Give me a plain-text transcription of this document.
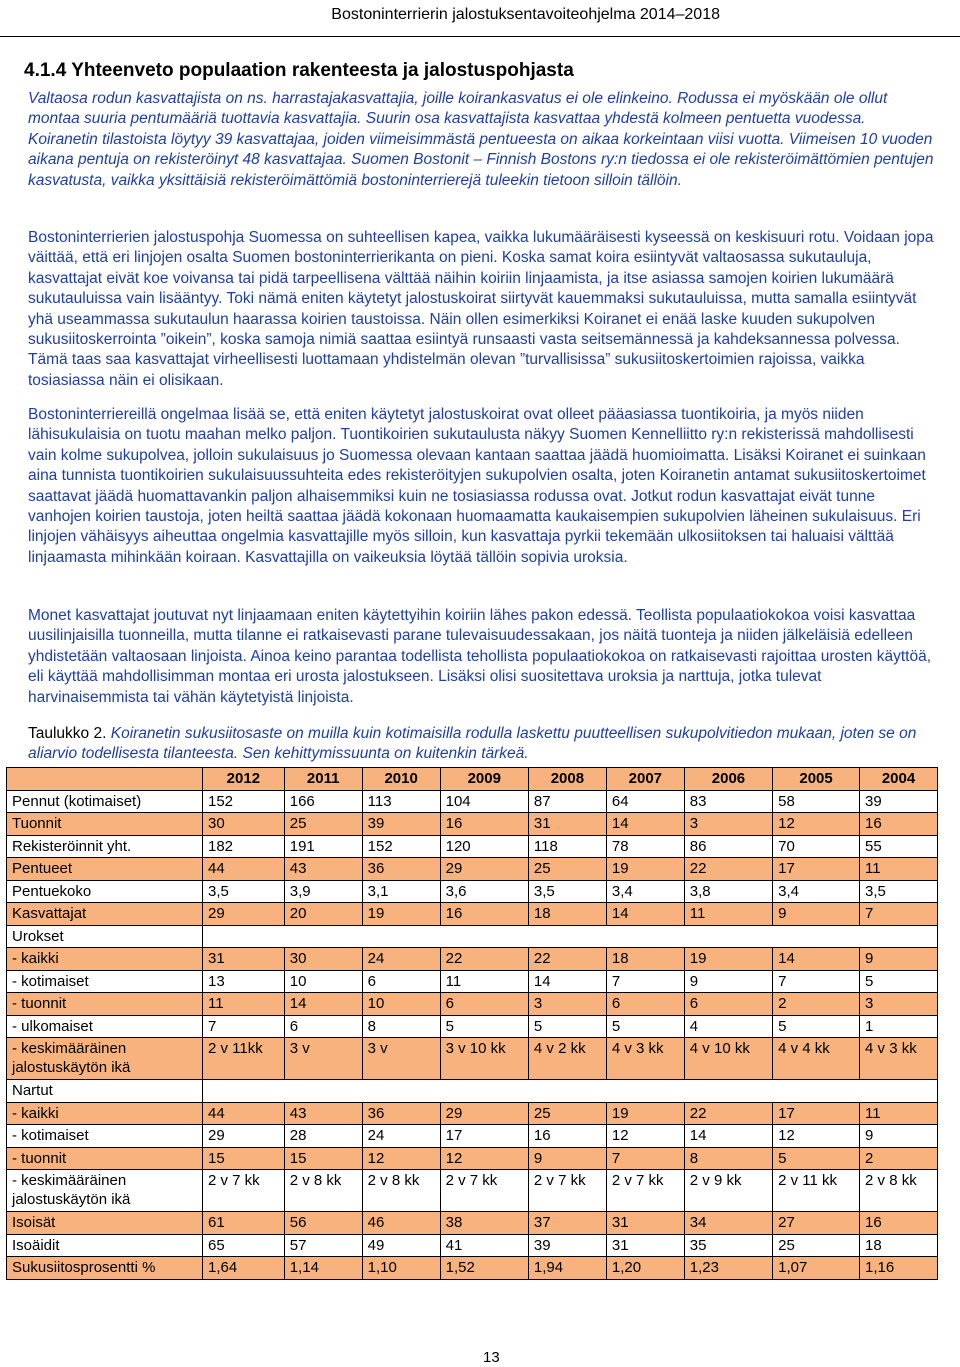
Bostoninterrierin jalostuksentavoiteohjelma 2014–2018
4.1.4 Yhteenveto populaation rakenteesta ja jalostuspohjasta
Valtaosa rodun kasvattajista on ns. harrastajakasvattajia, joille koirankasvatus ei ole elinkeino. Rodussa ei myöskään ole ollut montaa suuria pentumääriä tuottavia kasvattajia. Suurin osa kasvattajista kasvattaa yhdestä kolmeen pentuetta vuodessa. Koiranetin tilastoista löytyy 39 kasvattajaa, joiden viimeisimmästä pentueesta on aikaa korkeintaan viisi vuotta. Viimeisen 10 vuoden aikana pentuja on rekisteröinyt 48 kasvattajaa. Suomen Bostonit – Finnish Bostons ry:n tiedossa ei ole rekisteröimättömien pentujen kasvatusta, vaikka yksittäisiä rekisteröimättömiä bostoninterrierejä tuleekin tietoon silloin tällöin.
Bostoninterrierien jalostuspohja Suomessa on suhteellisen kapea, vaikka lukumääräisesti kyseessä on keskisuuri rotu. Voidaan jopa väittää, että eri linjojen osalta Suomen bostoninterrierikanta on pieni. Koska samat koira esiintyvät valtaosassa sukutauluja, kasvattajat eivät koe voivansa tai pidä tarpeellisena välttää näihin koiriin linjaamista, ja itse asiassa samojen koirien lukumäärä sukutauluissa vain lisääntyy. Toki nämä eniten käytetyt jalostuskoirat siirtyvät kauemmaksi sukutauluissa, mutta samalla esiintyvät yhä useammassa sukutaulun haarassa koirien taustoissa. Näin ollen esimerkiksi Koiranet ei enää laske kuuden sukupolven sukusiitoskerrointa ”oikein”, koska samoja nimiä saattaa esiintyä runsaasti vasta seitsemännessä ja kahdeksannessa polvessa. Tämä taas saa kasvattajat virheellisesti luottamaan yhdistelmän olevan ”turvallisissa” sukusiitoskertoimien rajoissa, vaikka tosiasiassa näin ei olisikaan.
Bostoninterriereillä ongelmaa lisää se, että eniten käytetyt jalostuskoirat ovat olleet pääasiassa tuontikoiria, ja myös niiden lähisukulaisia on tuotu maahan melko paljon. Tuontikoirien sukutaulusta näkyy Suomen Kennelliitto ry:n rekisterissä mahdollisesti vain kolme sukupolvea, jolloin sukulaisuus jo Suomessa olevaan kantaan saattaa jäädä huomioimatta. Lisäksi Koiranet ei suinkaan aina tunnista tuontikoirien sukulaisuussuhteita edes rekisteröityjen sukupolvien osalta, joten Koiranetin antamat sukusiitoskertoimet saattavat jäädä huomattavankin paljon alhaisemmiksi kuin ne tosiasiassa rodussa ovat. Jotkut rodun kasvattajat eivät tunne vanhojen koirien taustoja, joten heiltä saattaa jäädä kokonaan huomaamatta kaukaisempien sukupolvien läheinen sukulaisuus. Eri linjojen vähäisyys aiheuttaa ongelmia kasvattajille myös silloin, kun kasvattaja pyrkii tekemään ulkosiitoksen tai haluaisi välttää linjaamasta mihinkään koiraan. Kasvattajilla on vaikeuksia löytää tällöin sopivia uroksia.
Monet kasvattajat joutuvat nyt linjaamaan eniten käytettyihin koiriin lähes pakon edessä. Teollista populaatiokokoa voisi kasvattaa uusilinjaisilla tuonneilla, mutta tilanne ei ratkaisevasti parane tulevaisuudessakaan, jos näitä tuonteja ja niiden jälkeläisiä edelleen yhdistetään valtaosaan linjoista. Ainoa keino parantaa todellista tehollista populaatiokokoa on ratkaisevasti rajoittaa urosten käyttöä, eli käyttää mahdollisimman montaa eri urosta jalostukseen. Lisäksi olisi suositettava uroksia ja narttuja, jotka tulevat harvinaisemmista tai vähän käytetyistä linjoista.
Taulukko 2. Koiranetin sukusiitosaste on muilla kuin kotimaisilla rodulla laskettu puutteellisen sukupolvitiedon mukaan, joten se on aliarvio todellisesta tilanteesta. Sen kehittymissuunta on kuitenkin tärkeä.
	2012	2011	2010	2009	2008	2007	2006	2005	2004
Pennut (kotimaiset)	152	166	113	104	87	64	83	58	39
Tuonnit	30	25	39	16	31	14	3	12	16
Rekisteröinnit yht.	182	191	152	120	118	78	86	70	55
Pentueet	44	43	36	29	25	19	22	17	11
Pentuekoko	3,5	3,9	3,1	3,6	3,5	3,4	3,8	3,4	3,5
Kasvattajat	29	20	19	16	18	14	11	9	7
Urokset									
- kaikki	31	30	24	22	22	18	19	14	9
- kotimaiset	13	10	6	11	14	7	9	7	5
- tuonnit	11	14	10	6	3	6	6	2	3
- ulkomaiset	7	6	8	5	5	5	4	5	1
- keskimääräinen jalostuskäytön ikä	2 v 11kk	3 v	3 v	3 v 10 kk	4 v 2 kk	4 v 3 kk	4 v 10 kk	4 v 4 kk	4 v 3 kk
Nartut									
- kaikki	44	43	36	29	25	19	22	17	11
- kotimaiset	29	28	24	17	16	12	14	12	9
- tuonnit	15	15	12	12	9	7	8	5	2
- keskimääräinen jalostuskäytön ikä	2 v 7 kk	2 v 8 kk	2 v 8 kk	2 v 7 kk	2 v 7 kk	2 v 7 kk	2 v 9 kk	2 v 11 kk	2 v 8 kk
Isoisät	61	56	46	38	37	31	34	27	16
Isoäidit	65	57	49	41	39	31	35	25	18
Sukusiitosprosentti %	1,64	1,14	1,10	1,52	1,94	1,20	1,23	1,07	1,16
13
